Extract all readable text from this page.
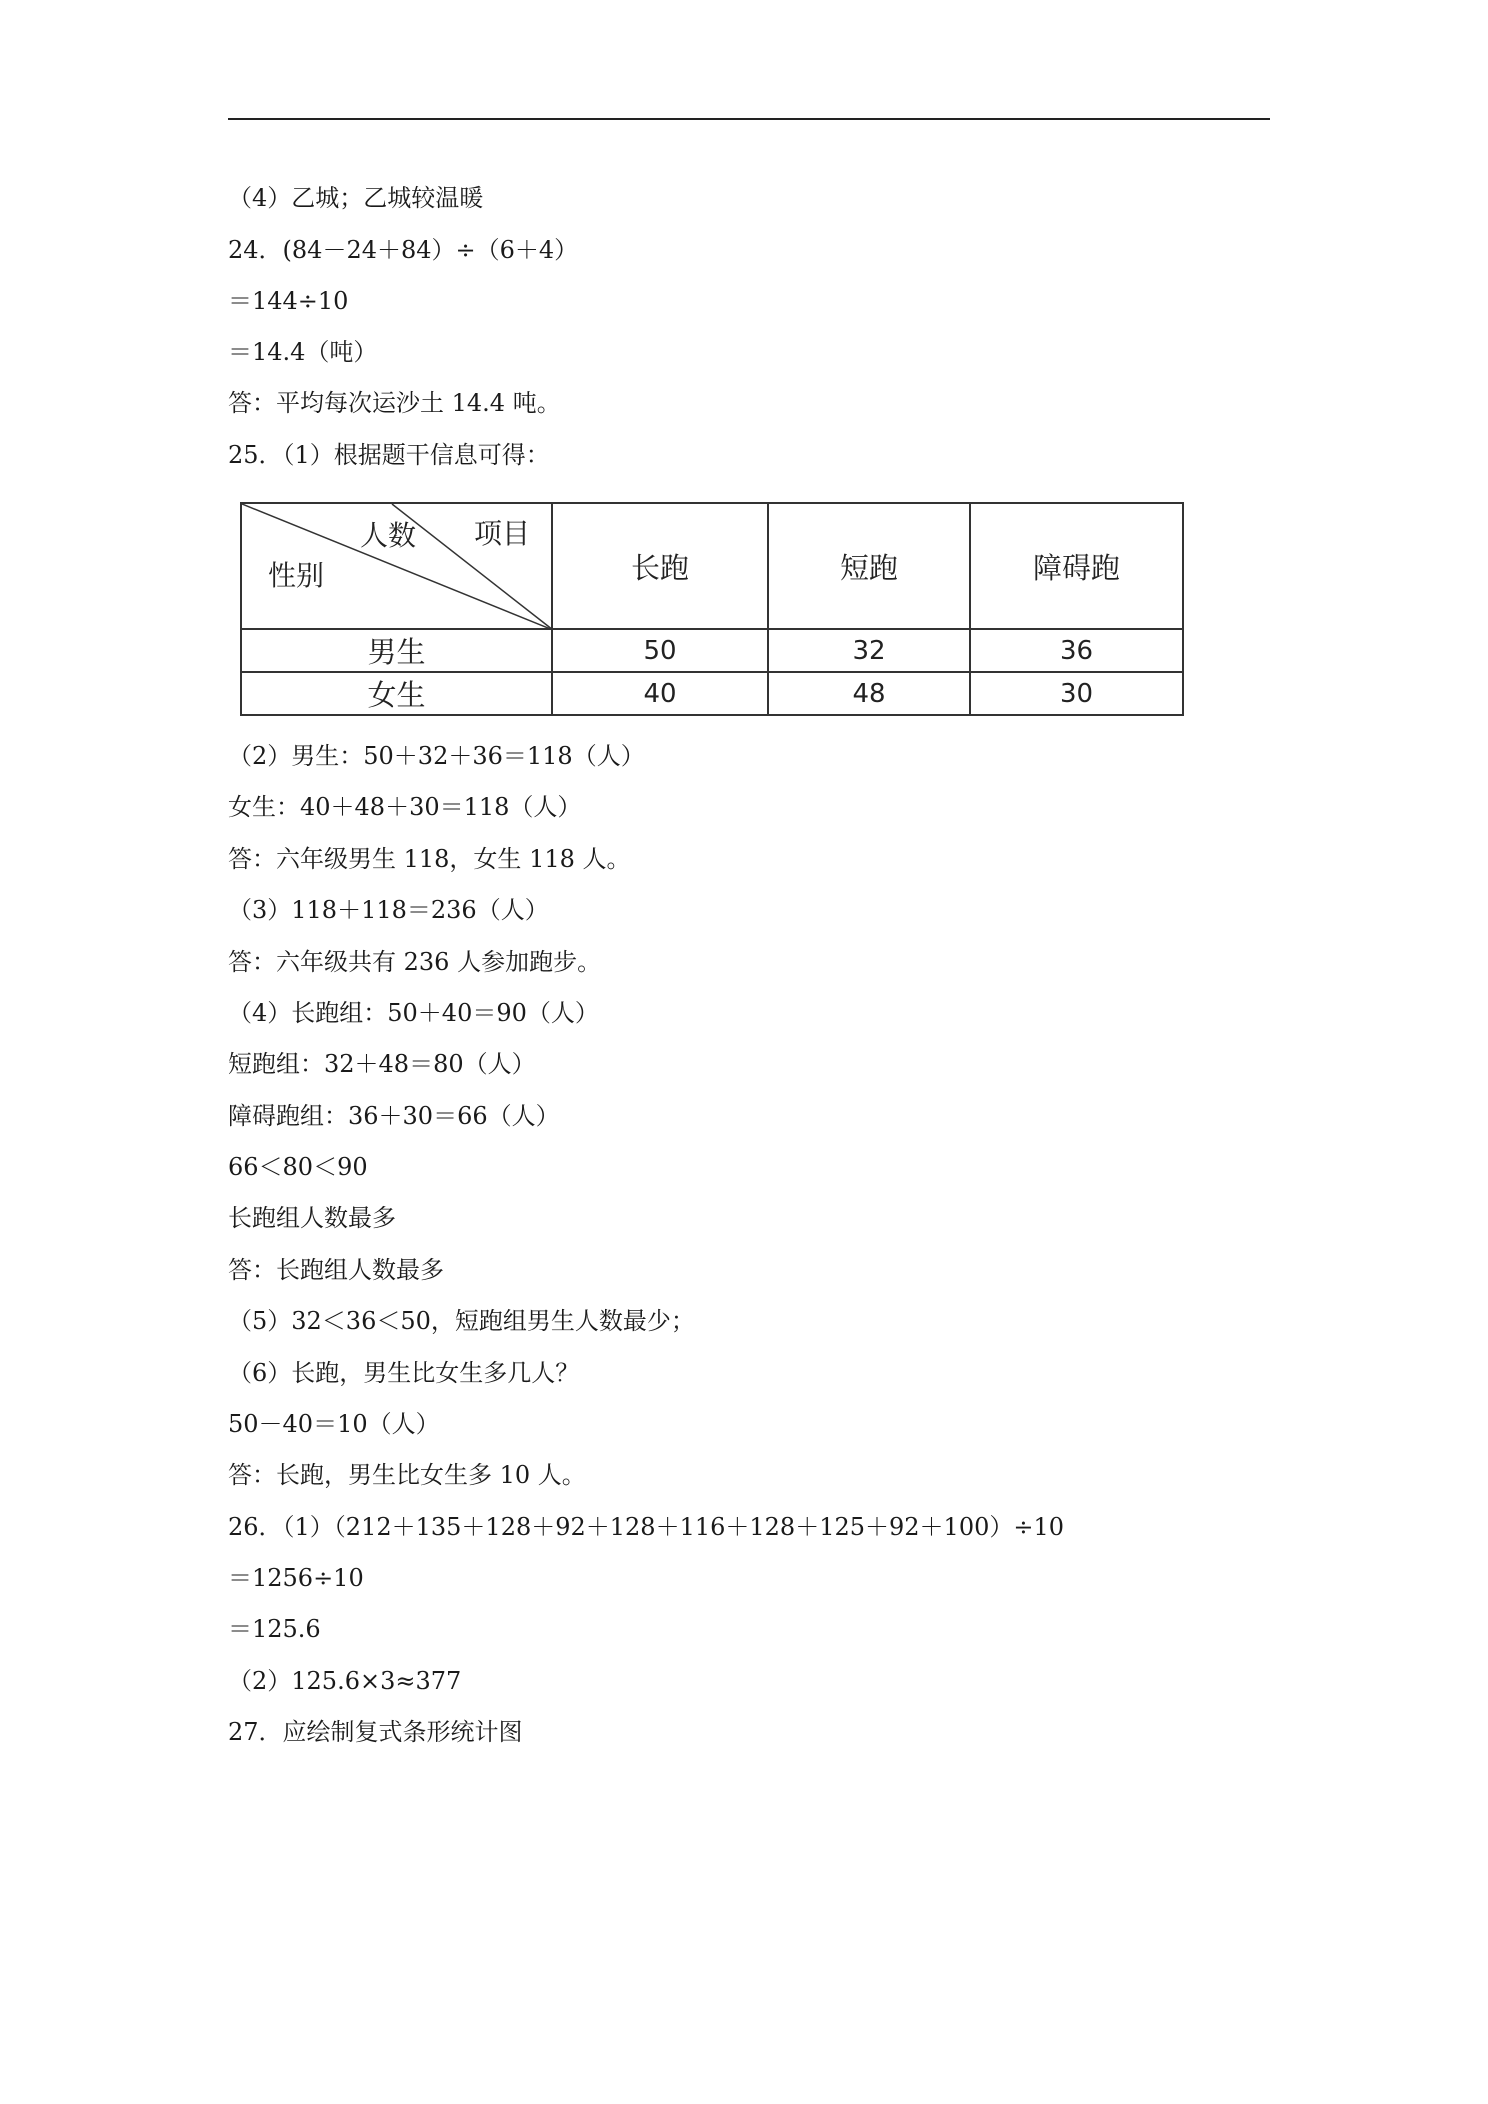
（4）乙城；乙城较温暖
24．(84－24＋84）÷（6＋4）
＝144÷10
＝14.4（吨）
答：平均每次运沙土 14.4 吨。
25．（1）根据题干信息可得：
人数 项目
性别	长跑	短跑	障碍跑
男生	50	32	36
女生	40	48	30
（2）男生：50＋32＋36＝118（人）
女生：40＋48＋30＝118（人）
答：六年级男生 118，女生 118 人。
（3）118＋118＝236（人）
答：六年级共有 236 人参加跑步。
（4）长跑组：50＋40＝90（人）
短跑组：32＋48＝80（人）
障碍跑组：36＋30＝66（人）
66＜80＜90
长跑组人数最多
答：长跑组人数最多
（5）32＜36＜50，短跑组男生人数最少；
（6）长跑，男生比女生多几人？
50－40＝10（人）
答：长跑，男生比女生多 10 人。
26．（1）（212＋135＋128＋92＋128＋116＋128＋125＋92＋100）÷10
＝1256÷10
＝125.6
（2）125.6×3≈377
27．应绘制复式条形统计图
